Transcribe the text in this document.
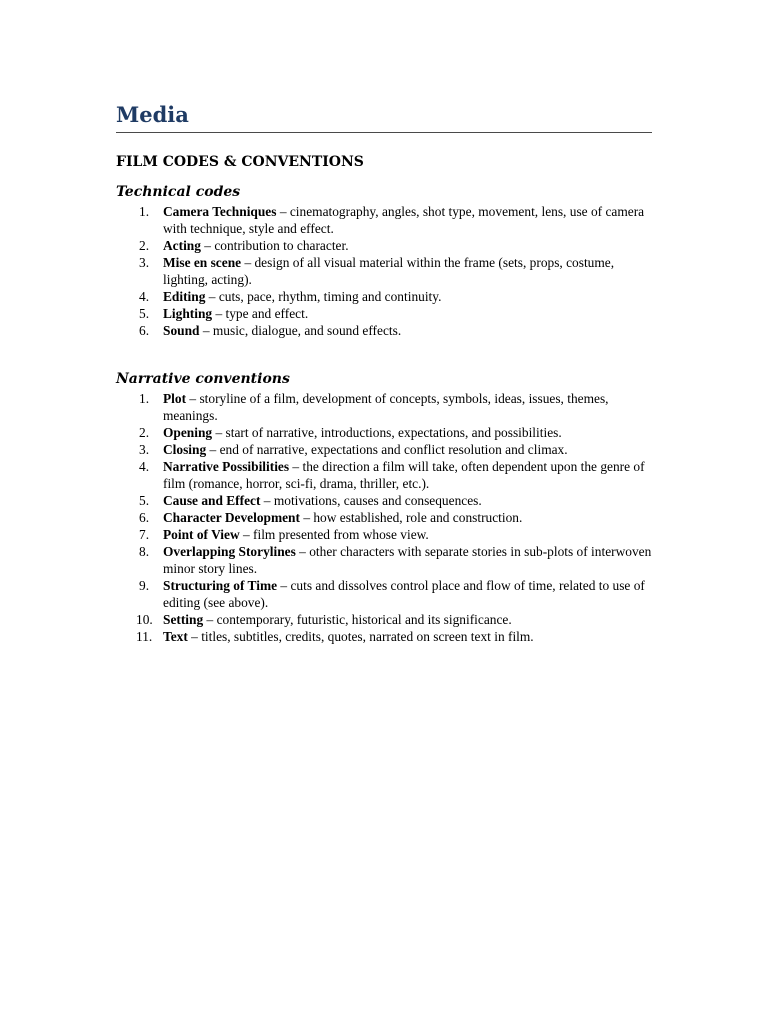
Media
FILM CODES & CONVENTIONS
Technical codes
1. Camera Techniques – cinematography, angles, shot type, movement, lens, use of camera with technique, style and effect.
2. Acting – contribution to character.
3. Mise en scene – design of all visual material within the frame (sets, props, costume, lighting, acting).
4. Editing – cuts, pace, rhythm, timing and continuity.
5. Lighting – type and effect.
6. Sound – music, dialogue, and sound effects.
Narrative conventions
1. Plot – storyline of a film, development of concepts, symbols, ideas, issues, themes, meanings.
2. Opening – start of narrative, introductions, expectations, and possibilities.
3. Closing – end of narrative, expectations and conflict resolution and climax.
4. Narrative Possibilities – the direction a film will take, often dependent upon the genre of film (romance, horror, sci-fi, drama, thriller, etc.).
5. Cause and Effect – motivations, causes and consequences.
6. Character Development – how established, role and construction.
7. Point of View – film presented from whose view.
8. Overlapping Storylines – other characters with separate stories in sub-plots of interwoven minor story lines.
9. Structuring of Time – cuts and dissolves control place and flow of time, related to use of editing (see above).
10. Setting – contemporary, futuristic, historical and its significance.
11. Text – titles, subtitles, credits, quotes, narrated on screen text in film.
